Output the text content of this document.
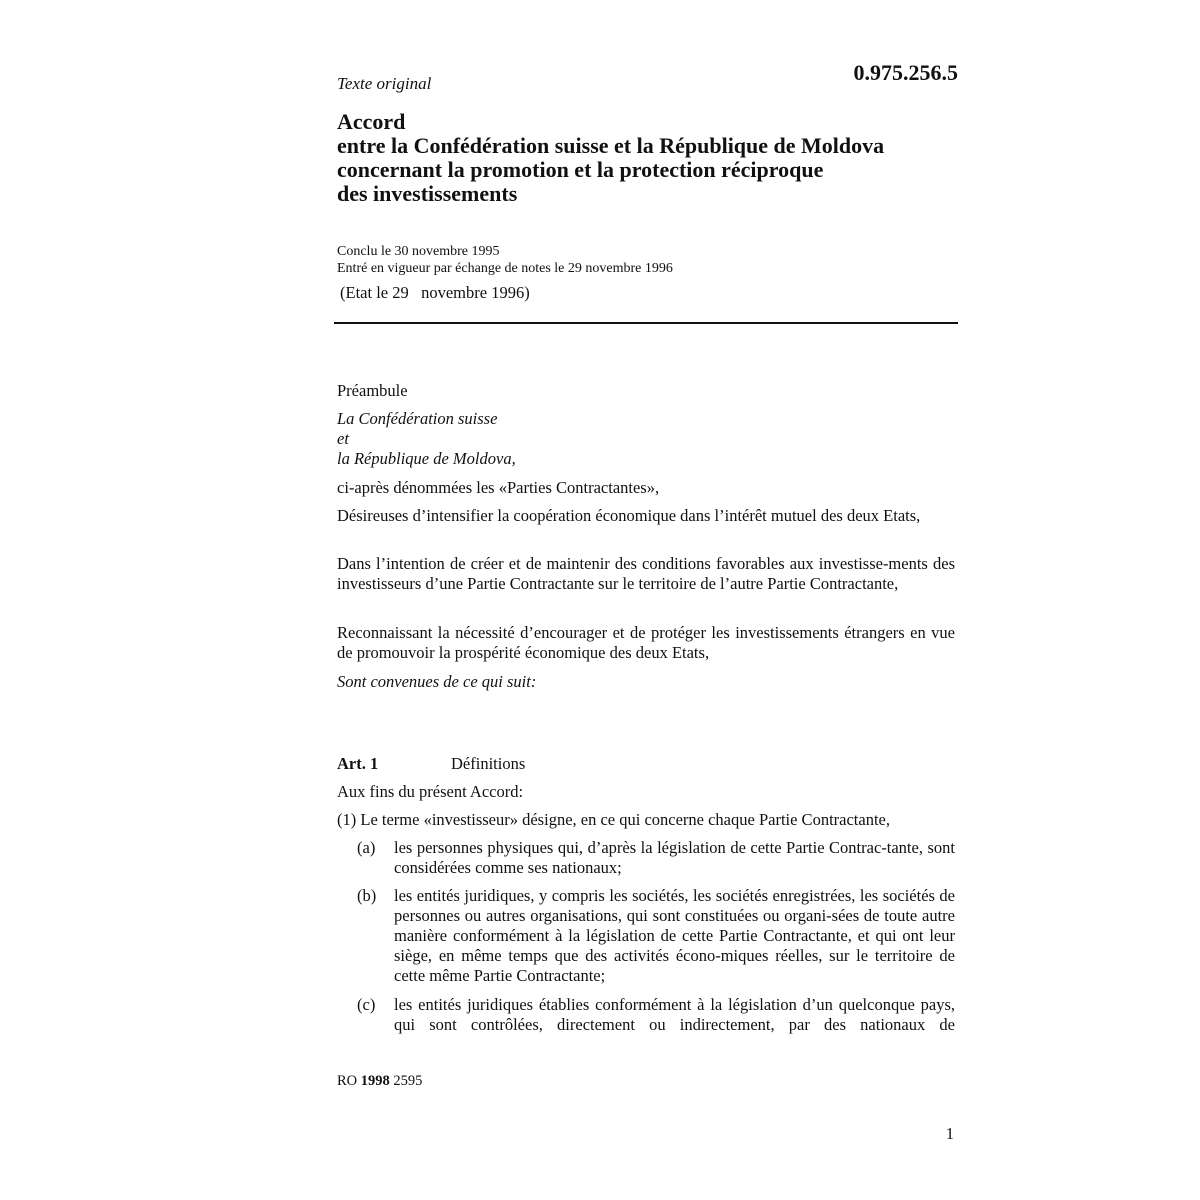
Texte original	0.975.256.5
Accord
entre la Confédération suisse et la République de Moldova
concernant la promotion et la protection réciproque
des investissements
Conclu le 30 novembre 1995
Entré en vigueur par échange de notes le 29 novembre 1996
(Etat le 29   novembre 1996)
Préambule
La Confédération suisse
et
la République de Moldova,
ci-après dénommées les «Parties Contractantes»,
Désireuses d’intensifier la coopération économique dans l’intérêt mutuel des deux Etats,
Dans l’intention de créer et de maintenir des conditions favorables aux investisse-ments des investisseurs d’une Partie Contractante sur le territoire de l’autre Partie Contractante,
Reconnaissant la nécessité d’encourager et de protéger les investissements étrangers en vue de promouvoir la prospérité économique des deux Etats,
Sont convenues de ce qui suit:
Art. 1	Définitions
Aux fins du présent Accord:
(1) Le terme «investisseur» désigne, en ce qui concerne chaque Partie Contractante,
(a) les personnes physiques qui, d’après la législation de cette Partie Contrac-tante, sont considérées comme ses nationaux;
(b) les entités juridiques, y compris les sociétés, les sociétés enregistrées, les sociétés de personnes ou autres organisations, qui sont constituées ou organi-sées de toute autre manière conformément à la législation de cette Partie Contractante, et qui ont leur siège, en même temps que des activités écono-miques réelles, sur le territoire de cette même Partie Contractante;
(c) les entités juridiques établies conformément à la législation d’un quelconque pays, qui sont contrôlées, directement ou indirectement, par des nationaux de
RO 1998 2595
1
